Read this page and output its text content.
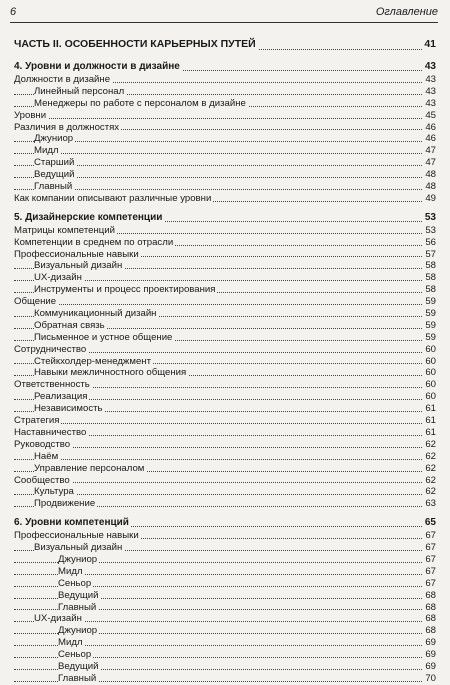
6	Оглавление
ЧАСТЬ II. ОСОБЕННОСТИ КАРЬЕРНЫХ ПУТЕЙ	41
4. Уровни и должности в дизайне	43
Должности в дизайне	43
Линейный персонал	43
Менеджеры по работе с персоналом в дизайне	43
Уровни	45
Различия в должностях	46
Джуниор	46
Мидл	47
Старший	47
Ведущий	48
Главный	48
Как компании описывают различные уровни	49
5. Дизайнерские компетенции	53
Матрицы компетенций	53
Компетенции в среднем по отрасли	56
Профессиональные навыки	57
Визуальный дизайн	58
UX-дизайн	58
Инструменты и процесс проектирования	58
Общение	59
Коммуникационный дизайн	59
Обратная связь	59
Письменное и устное общение	59
Сотрудничество	60
Стейкхолдер-менеджмент	60
Навыки межличностного общения	60
Ответственность	60
Реализация	60
Независимость	61
Стратегия	61
Наставничество	61
Руководство	62
Наём	62
Управление персоналом	62
Сообщество	62
Культура	62
Продвижение	63
6. Уровни компетенций	65
Профессиональные навыки	67
Визуальный дизайн	67
Джуниор	67
Мидл	67
Сеньор	67
Ведущий	68
Главный	68
UX-дизайн	68
Джуниор	68
Мидл	69
Сеньор	69
Ведущий	69
Главный	70
